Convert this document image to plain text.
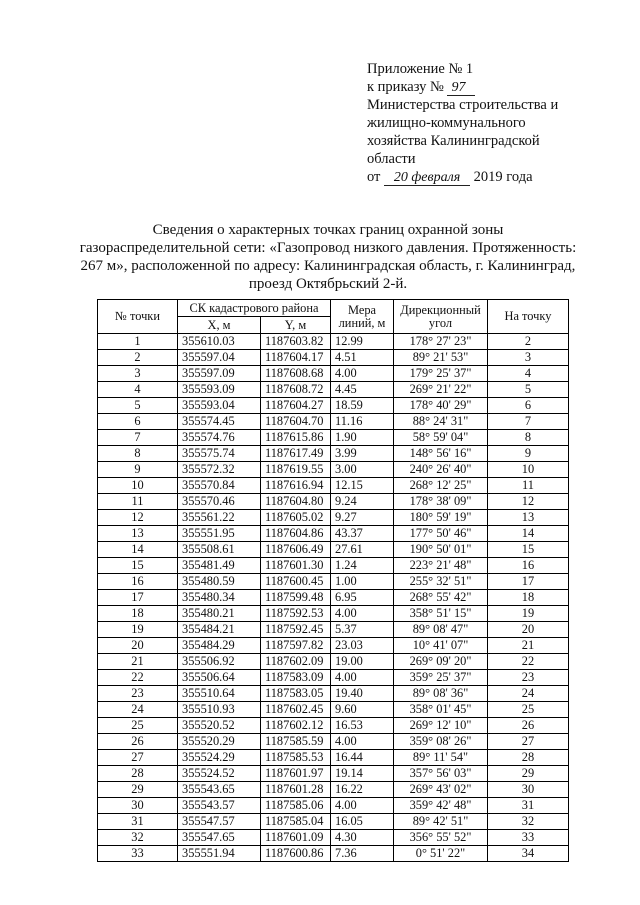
Приложение № 1
к приказу № 97
Министерства строительства и
жилищно-коммунального
хозяйства Калининградской
области
от 20 февраля 2019 года
Сведения о характерных точках границ охранной зоны
газораспределительной сети: «Газопровод низкого давления. Протяженность:
267 м», расположенной по адресу: Калининградская область, г. Калининград,
проезд Октябрьский 2-й.
№ точки	СК кадастрового района		Мера линий, м	Дирекционный угол	На точку
	X, м	Y, м			
1	355610.03	1187603.82	12.99	178° 27' 23"	2
2	355597.04	1187604.17	4.51	89° 21' 53"	3
3	355597.09	1187608.68	4.00	179° 25' 37"	4
4	355593.09	1187608.72	4.45	269° 21' 22"	5
5	355593.04	1187604.27	18.59	178° 40' 29"	6
6	355574.45	1187604.70	11.16	88° 24' 31"	7
7	355574.76	1187615.86	1.90	58° 59' 04"	8
8	355575.74	1187617.49	3.99	148° 56' 16"	9
9	355572.32	1187619.55	3.00	240° 26' 40"	10
10	355570.84	1187616.94	12.15	268° 12' 25"	11
11	355570.46	1187604.80	9.24	178° 38' 09"	12
12	355561.22	1187605.02	9.27	180° 59' 19"	13
13	355551.95	1187604.86	43.37	177° 50' 46"	14
14	355508.61	1187606.49	27.61	190° 50' 01"	15
15	355481.49	1187601.30	1.24	223° 21' 48"	16
16	355480.59	1187600.45	1.00	255° 32' 51"	17
17	355480.34	1187599.48	6.95	268° 55' 42"	18
18	355480.21	1187592.53	4.00	358° 51' 15"	19
19	355484.21	1187592.45	5.37	89° 08' 47"	20
20	355484.29	1187597.82	23.03	10° 41' 07"	21
21	355506.92	1187602.09	19.00	269° 09' 20"	22
22	355506.64	1187583.09	4.00	359° 25' 37"	23
23	355510.64	1187583.05	19.40	89° 08' 36"	24
24	355510.93	1187602.45	9.60	358° 01' 45"	25
25	355520.52	1187602.12	16.53	269° 12' 10"	26
26	355520.29	1187585.59	4.00	359° 08' 26"	27
27	355524.29	1187585.53	16.44	89° 11' 54"	28
28	355524.52	1187601.97	19.14	357° 56' 03"	29
29	355543.65	1187601.28	16.22	269° 43' 02"	30
30	355543.57	1187585.06	4.00	359° 42' 48"	31
31	355547.57	1187585.04	16.05	89° 42' 51"	32
32	355547.65	1187601.09	4.30	356° 55' 52"	33
33	355551.94	1187600.86	7.36	0° 51' 22"	34
